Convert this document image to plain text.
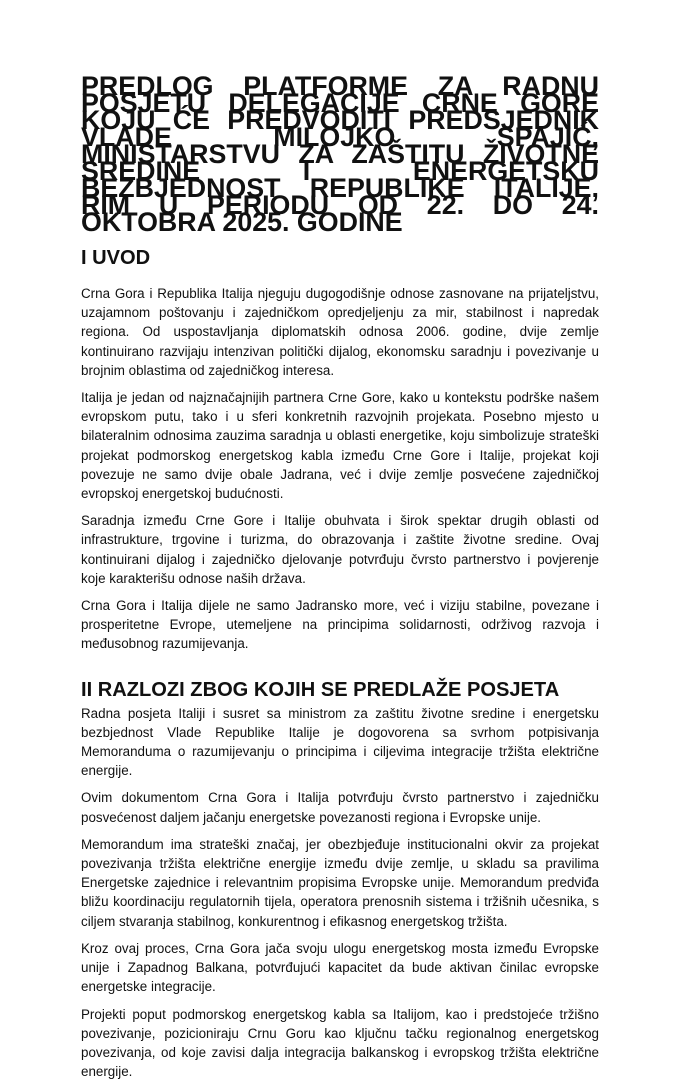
PREDLOG PLATFORME ZA RADNU POSJETU DELEGACIJE CRNE GORE KOJU ĆE PREDVODITI PREDSJEDNIK VLADE MILOJKO SPAJIĆ, MINISTARSTVU ZA ZAŠTITU ŽIVOTNE SREDINE I ENERGETSKU BEZBJEDNOST REPUBLIKE ITALIJE, RIM U PERIODU OD 22. DO 24. OKTOBRA 2025. GODINE
I UVOD

Crna Gora i Republika Italija njeguju dugogodišnje odnose zasnovane na prijateljstvu, uzajamnom poštovanju i zajedničkom opredjeljenju za mir, stabilnost i napredak regiona. Od uspostavljanja diplomatskih odnosa 2006. godine, dvije zemlje kontinuirano razvijaju intenzivan politički dijalog, ekonomsku saradnju i povezivanje u brojnim oblastima od zajedničkog interesa.

Italija je jedan od najznačajnijih partnera Crne Gore, kako u kontekstu podrške našem evropskom putu, tako i u sferi konkretnih razvojnih projekata. Posebno mjesto u bilateralnim odnosima zauzima saradnja u oblasti energetike, koju simbolizuje strateški projekat podmorskog energetskog kabla između Crne Gore i Italije, projekat koji povezuje ne samo dvije obale Jadrana, već i dvije zemlje posvećene zajedničkoj evropskoj energetskoj budućnosti.

Saradnja između Crne Gore i Italije obuhvata i širok spektar drugih oblasti od infrastrukture, trgovine i turizma, do obrazovanja i zaštite životne sredine. Ovaj kontinuirani dijalog i zajedničko djelovanje potvrđuju čvrsto partnerstvo i povjerenje koje karakterišu odnose naših država.

Crna Gora i Italija dijele ne samo Jadransko more, već i viziju stabilne, povezane i prosperitetne Evrope, utemeljene na principima solidarnosti, održivog razvoja i međusobnog razumijevanja.

II RAZLOZI ZBOG KOJIH SE PREDLAŽE POSJETA

Radna posjeta Italiji i susret sa ministrom za zaštitu životne sredine i energetsku bezbjednost Vlade Republike Italije je dogovorena sa svrhom potpisivanja Memoranduma o razumijevanju o principima i ciljevima integracije tržišta električne energije.

Ovim dokumentom Crna Gora i Italija potvrđuju čvrsto partnerstvo i zajedničku posvećenost daljem jačanju energetske povezanosti regiona i Evropske unije.

Memorandum ima strateški značaj, jer obezbjeđuje institucionalni okvir za projekat povezivanja tržišta električne energije između dvije zemlje, u skladu sa pravilima Energetske zajednice i relevantnim propisima Evropske unije. Memorandum predviđa bližu koordinaciju regulatornih tijela, operatora prenosnih sistema i tržišnih učesnika, s ciljem stvaranja stabilnog, konkurentnog i efikasnog energetskog tržišta.

Kroz ovaj proces, Crna Gora jača svoju ulogu energetskog mosta između Evropske unije i Zapadnog Balkana, potvrđujući kapacitet da bude aktivan činilac evropske energetske integracije.

Projekti poput podmorskog energetskog kabla sa Italijom, kao i predstojeće tržišno povezivanje, pozicioniraju Crnu Goru kao ključnu tačku regionalnog energetskog povezivanja, od koje zavisi dalja integracija balkanskog i evropskog tržišta električne energije.
